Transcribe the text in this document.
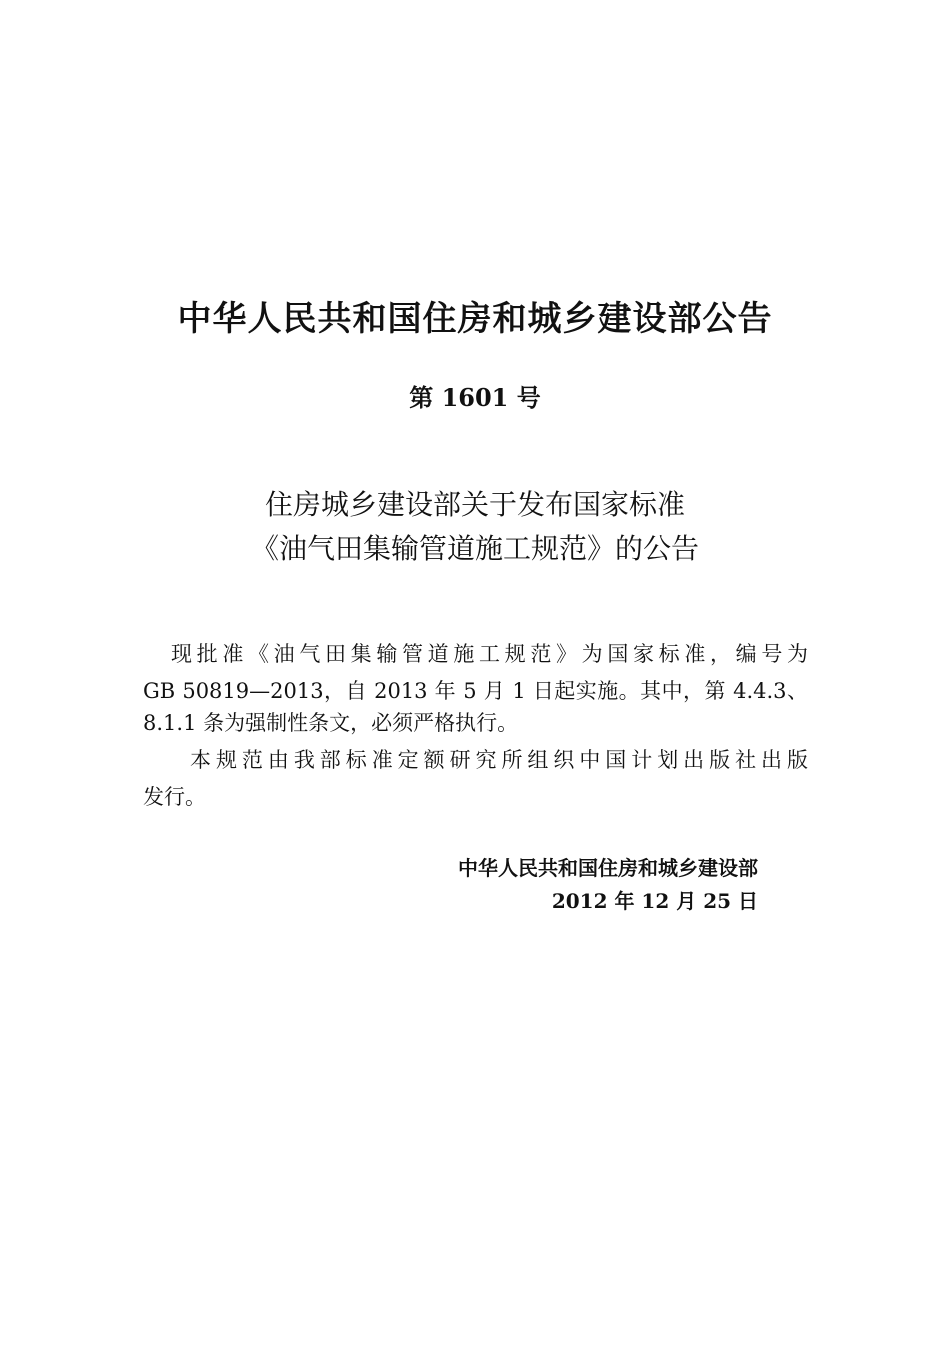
中华人民共和国住房和城乡建设部公告
第 1601 号
住房城乡建设部关于发布国家标准
《油气田集输管道施工规范》的公告
现批准《油气田集输管道施工规范》为国家标准，编号为
GB 50819—2013，自 2013 年 5 月 1 日起实施。其中，第 4.4.3、
8.1.1 条为强制性条文，必须严格执行。
本规范由我部标准定额研究所组织中国计划出版社出版
发行。
中华人民共和国住房和城乡建设部
2012 年 12 月 25 日
